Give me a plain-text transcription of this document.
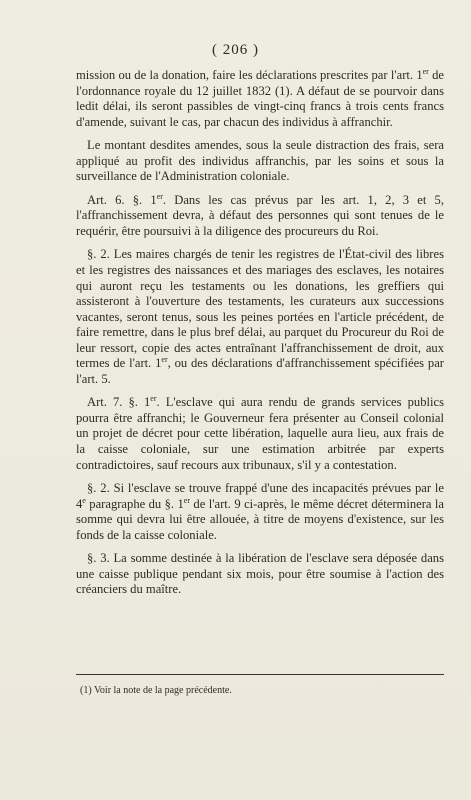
( 206 )

mission ou de la donation, faire les déclarations prescrites par l'art. 1er de l'ordonnance royale du 12 juillet 1832 (1). A défaut de se pourvoir dans ledit délai, ils seront passibles de vingt-cinq francs à trois cents francs d'amende, suivant le cas, par chacun des individus à affranchir.

Le montant desdites amendes, sous la seule distraction des frais, sera appliqué au profit des individus affranchis, par les soins et sous la surveillance de l'Administration coloniale.

Art. 6. §. 1er. Dans les cas prévus par les art. 1, 2, 3 et 5, l'affranchissement devra, à défaut des personnes qui sont tenues de le requérir, être poursuivi à la diligence des procureurs du Roi.

§. 2. Les maires chargés de tenir les registres de l'État-civil des libres et les registres des naissances et des mariages des esclaves, les notaires qui auront reçu les testaments ou les donations, les greffiers qui assisteront à l'ouverture des testaments, les curateurs aux successions vacantes, seront tenus, sous les peines portées en l'article précédent, de faire remettre, dans le plus bref délai, au parquet du Procureur du Roi de leur ressort, copie des actes entraînant l'affranchissement de droit, aux termes de l'art. 1er, ou des déclarations d'affranchissement spécifiées par l'art. 5.

Art. 7. §. 1er. L'esclave qui aura rendu de grands services publics pourra être affranchi; le Gouverneur fera présenter au Conseil colonial un projet de décret pour cette libération, laquelle aura lieu, aux frais de la caisse coloniale, sur une estimation arbitrée par experts contradictoires, sauf recours aux tribunaux, s'il y a contestation.

§. 2. Si l'esclave se trouve frappé d'une des incapacités prévues par le 4e paragraphe du §. 1er de l'art. 9 ci-après, le même décret déterminera la somme qui devra lui être allouée, à titre de moyens d'existence, sur les fonds de la caisse coloniale.

§. 3. La somme destinée à la libération de l'esclave sera déposée dans une caisse publique pendant six mois, pour être soumise à l'action des créanciers du maître.

(1) Voir la note de la page précédente.
